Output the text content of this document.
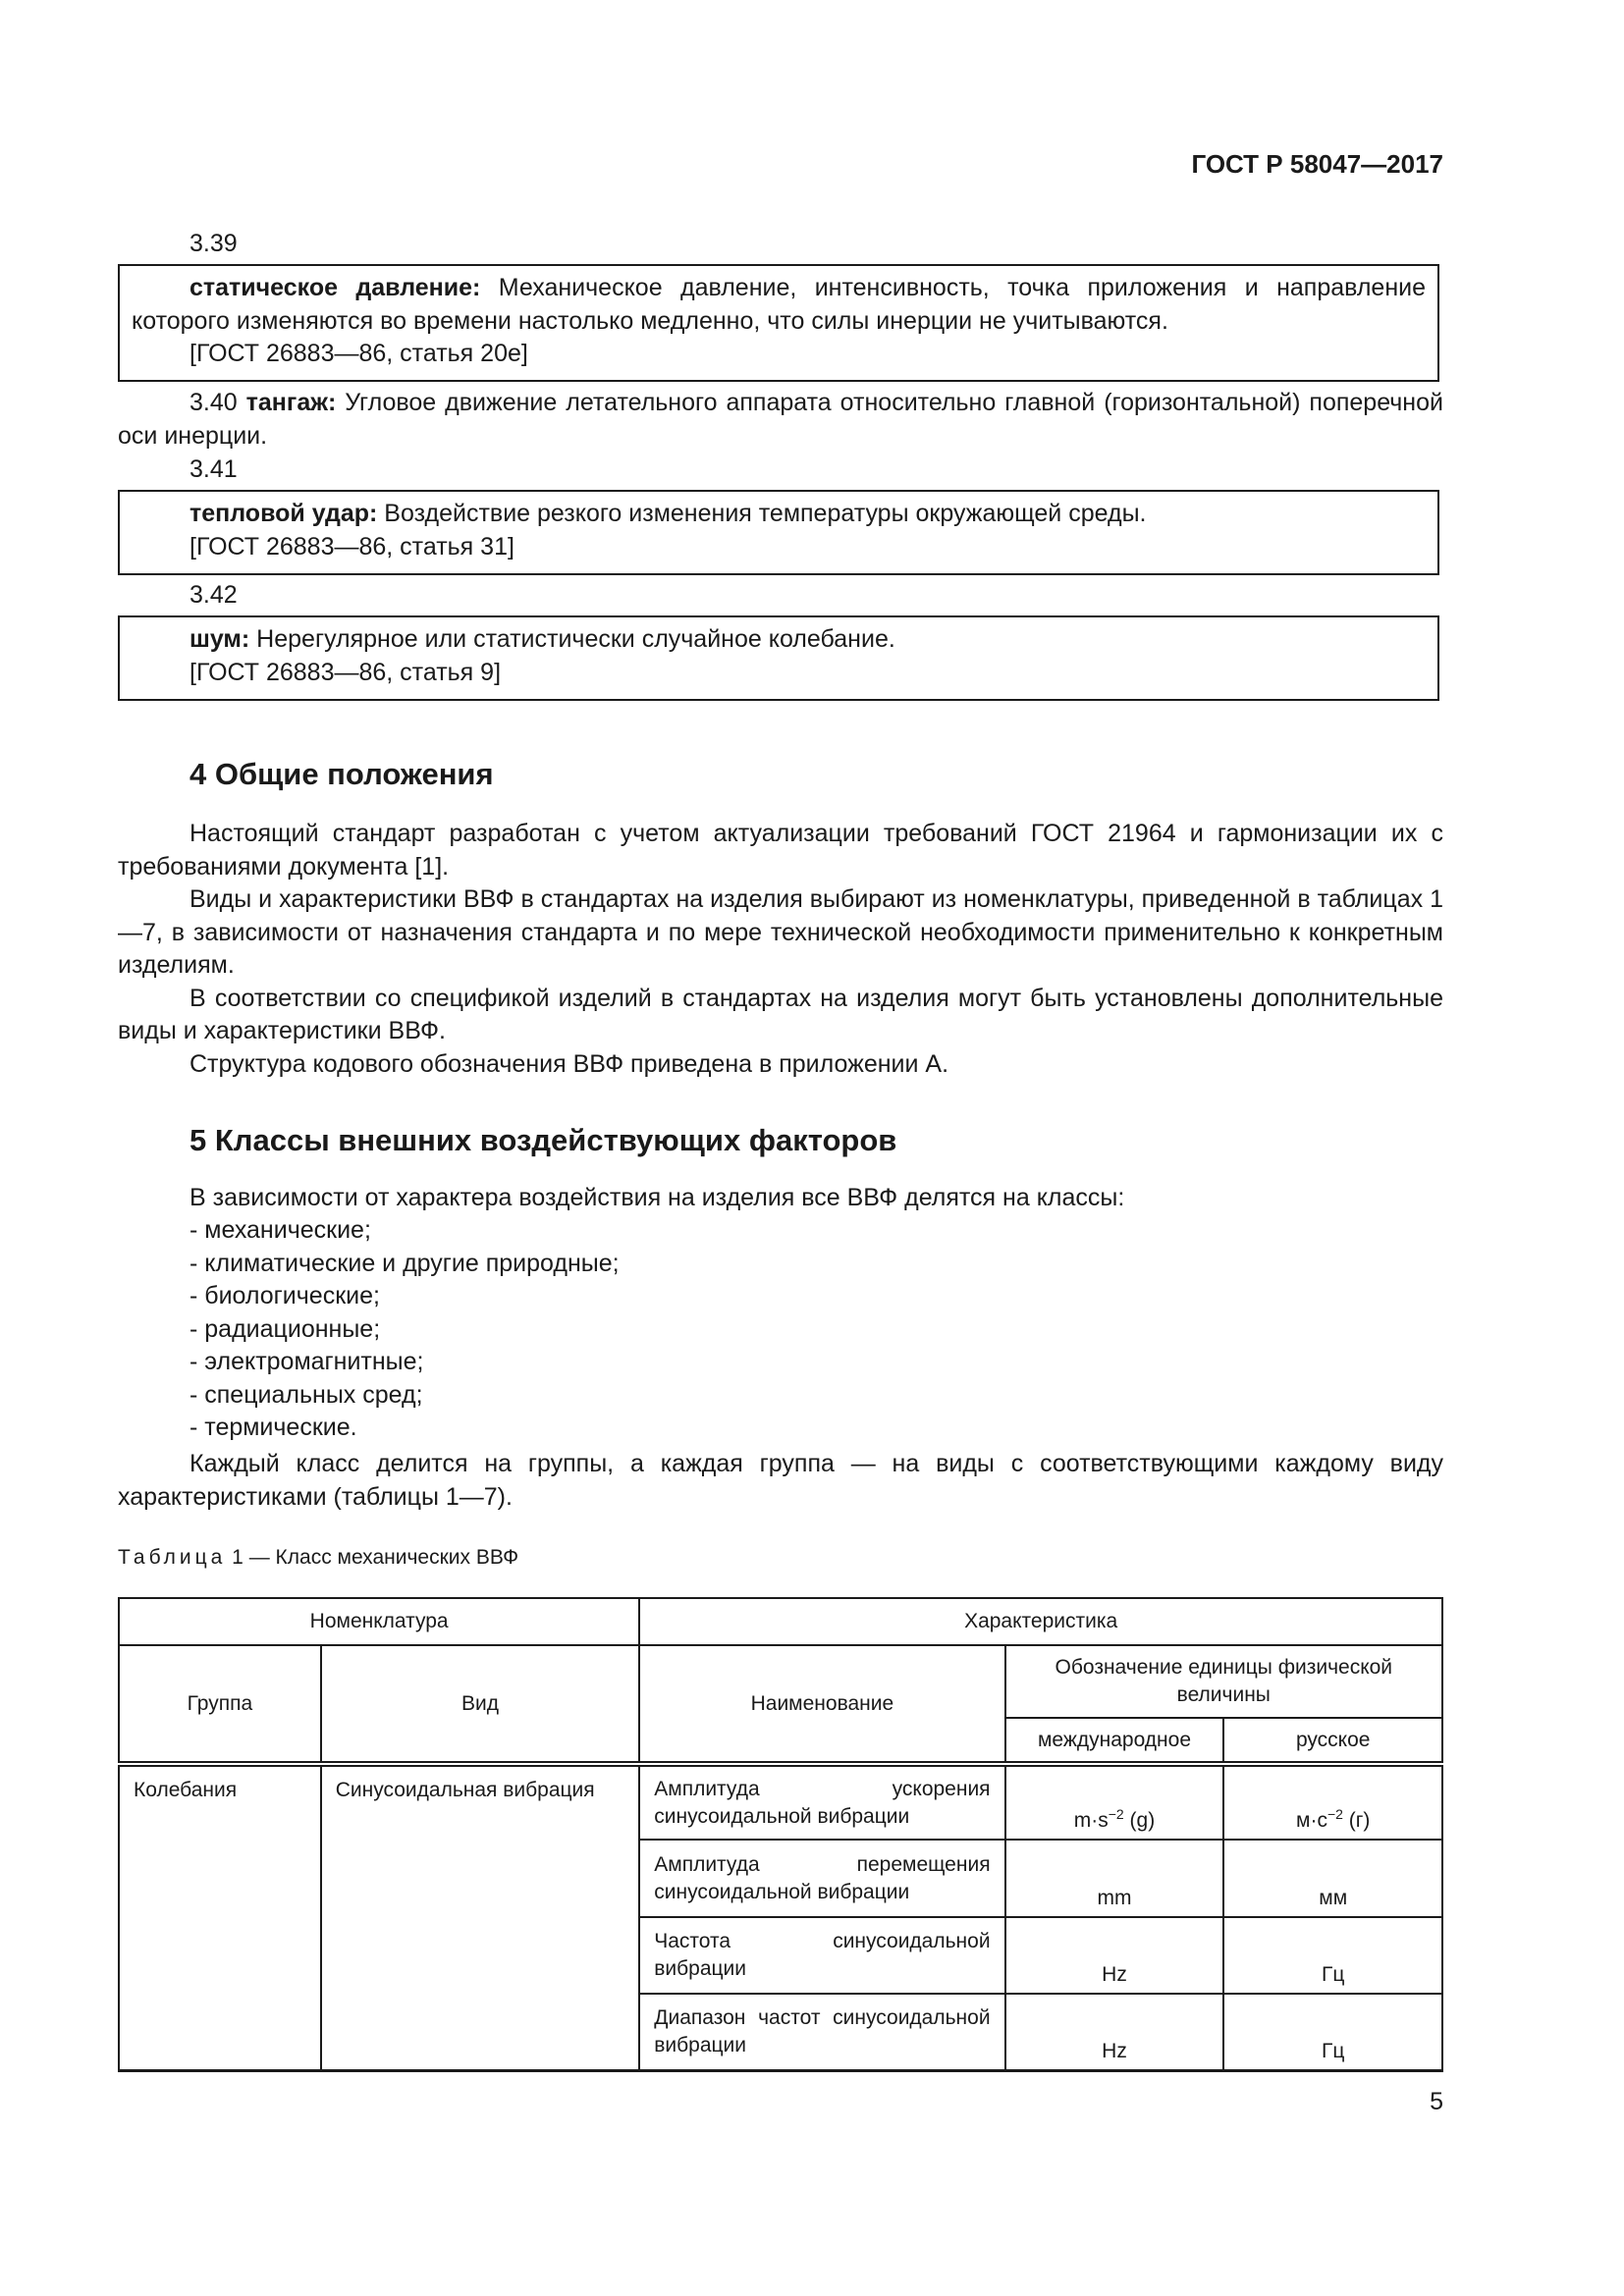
ГОСТ Р 58047—2017
3.39

статическое давление: Механическое давление, интенсивность, точка приложения и направление которого изменяются во времени настолько медленно, что силы инерции не учитываются.

[ГОСТ 26883—86, статья 20е]

3.40 тангаж: Угловое движение летательного аппарата относительно главной (горизонтальной) поперечной оси инерции.

3.41

тепловой удар: Воздействие резкого изменения температуры окружающей среды.

[ГОСТ 26883—86, статья 31]

3.42

шум: Нерегулярное или статистически случайное колебание.

[ГОСТ 26883—86, статья 9]

4 Общие положения

Настоящий стандарт разработан с учетом актуализации требований ГОСТ 21964 и гармонизации их с требованиями документа [1].

Виды и характеристики ВВФ в стандартах на изделия выбирают из номенклатуры, приведенной в таблицах 1—7, в зависимости от назначения стандарта и по мере технической необходимости применительно к конкретным изделиям.

В соответствии со спецификой изделий в стандартах на изделия могут быть установлены дополнительные виды и характеристики ВВФ.

Структура кодового обозначения ВВФ приведена в приложении А.

5 Классы внешних воздействующих факторов

В зависимости от характера воздействия на изделия все ВВФ делятся на классы:

- механические;
- климатические и другие природные;
- биологические;
- радиационные;
- электромагнитные;
- специальных сред;
- термические.

Каждый класс делится на группы, а каждая группа — на виды с соответствующими каждому виду характеристиками (таблицы 1—7).

Таблица 1 — Класс механических ВВФ
Номенклатура		Характеристика		
Группа	Вид	Наименование	Обозначение единицы физической величины	
			международное	русское
Колебания	Синусоидальная вибрация	Амплитуда ускорения синусоидальной вибрации	$m\cdot s^{-2}$ (g)	$м\cdot с^{-2}$ (г)
		Амплитуда перемещения синусоидальной вибрации	mm	мм
		Частота синусоидальной вибрации	Hz	Гц
		Диапазон частот синусоидальной вибрации	Hz	Гц
5
